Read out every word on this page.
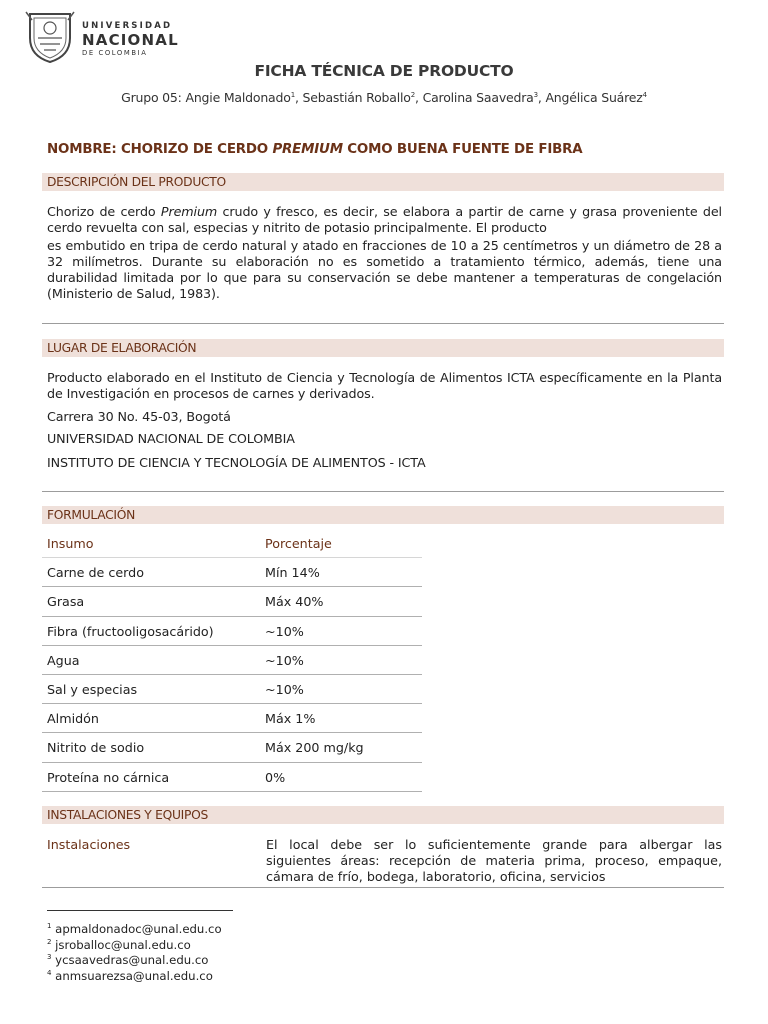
UNIVERSIDAD
NACIONAL
DE COLOMBIA
FICHA TÉCNICA DE PRODUCTO
Grupo 05: Angie Maldonado$^1$, Sebastián Roballo$^2$, Carolina Saavedra$^3$, Angélica Suárez$^4$
NOMBRE: CHORIZO DE CERDO PREMIUM COMO BUENA FUENTE DE FIBRA
DESCRIPCIÓN DEL PRODUCTO
Chorizo de cerdo Premium crudo y fresco, es decir, se elabora a partir de carne y grasa proveniente del cerdo revuelta con sal, especias y nitrito de potasio principalmente. El producto
es embutido en tripa de cerdo natural y atado en fracciones de 10 a 25 centímetros y un diámetro de 28 a 32 milímetros. Durante su elaboración no es sometido a tratamiento térmico, además, tiene una durabilidad limitada por lo que para su conservación se debe mantener a temperaturas de congelación (Ministerio de Salud, 1983).
LUGAR DE ELABORACIÓN
Producto elaborado en el Instituto de Ciencia y Tecnología de Alimentos ICTA específicamente en la Planta de Investigación en procesos de carnes y derivados.
Carrera 30 No. 45-03, Bogotá
UNIVERSIDAD NACIONAL DE COLOMBIA
INSTITUTO DE CIENCIA Y TECNOLOGÍA DE ALIMENTOS - ICTA
FORMULACIÓN
Insumo	Porcentaje
Carne de cerdo	Mín 14%
Grasa	Máx 40%
Fibra (fructooligosacárido)	~10%
Agua	~10%
Sal y especias	~10%
Almidón	Máx 1%
Nitrito de sodio	Máx 200 mg/kg
Proteína no cárnica	0%
INSTALACIONES Y EQUIPOS
Instalaciones	El local debe ser lo suficientemente grande para albergar las siguientes áreas: recepción de materia prima, proceso, empaque, cámara de frío, bodega, laboratorio, oficina, servicios
$^1$ apmaldonadoc@unal.edu.co
$^2$ jsroballoc@unal.edu.co
$^3$ ycsaavedras@unal.edu.co
$^4$ anmsuarezsa@unal.edu.co
